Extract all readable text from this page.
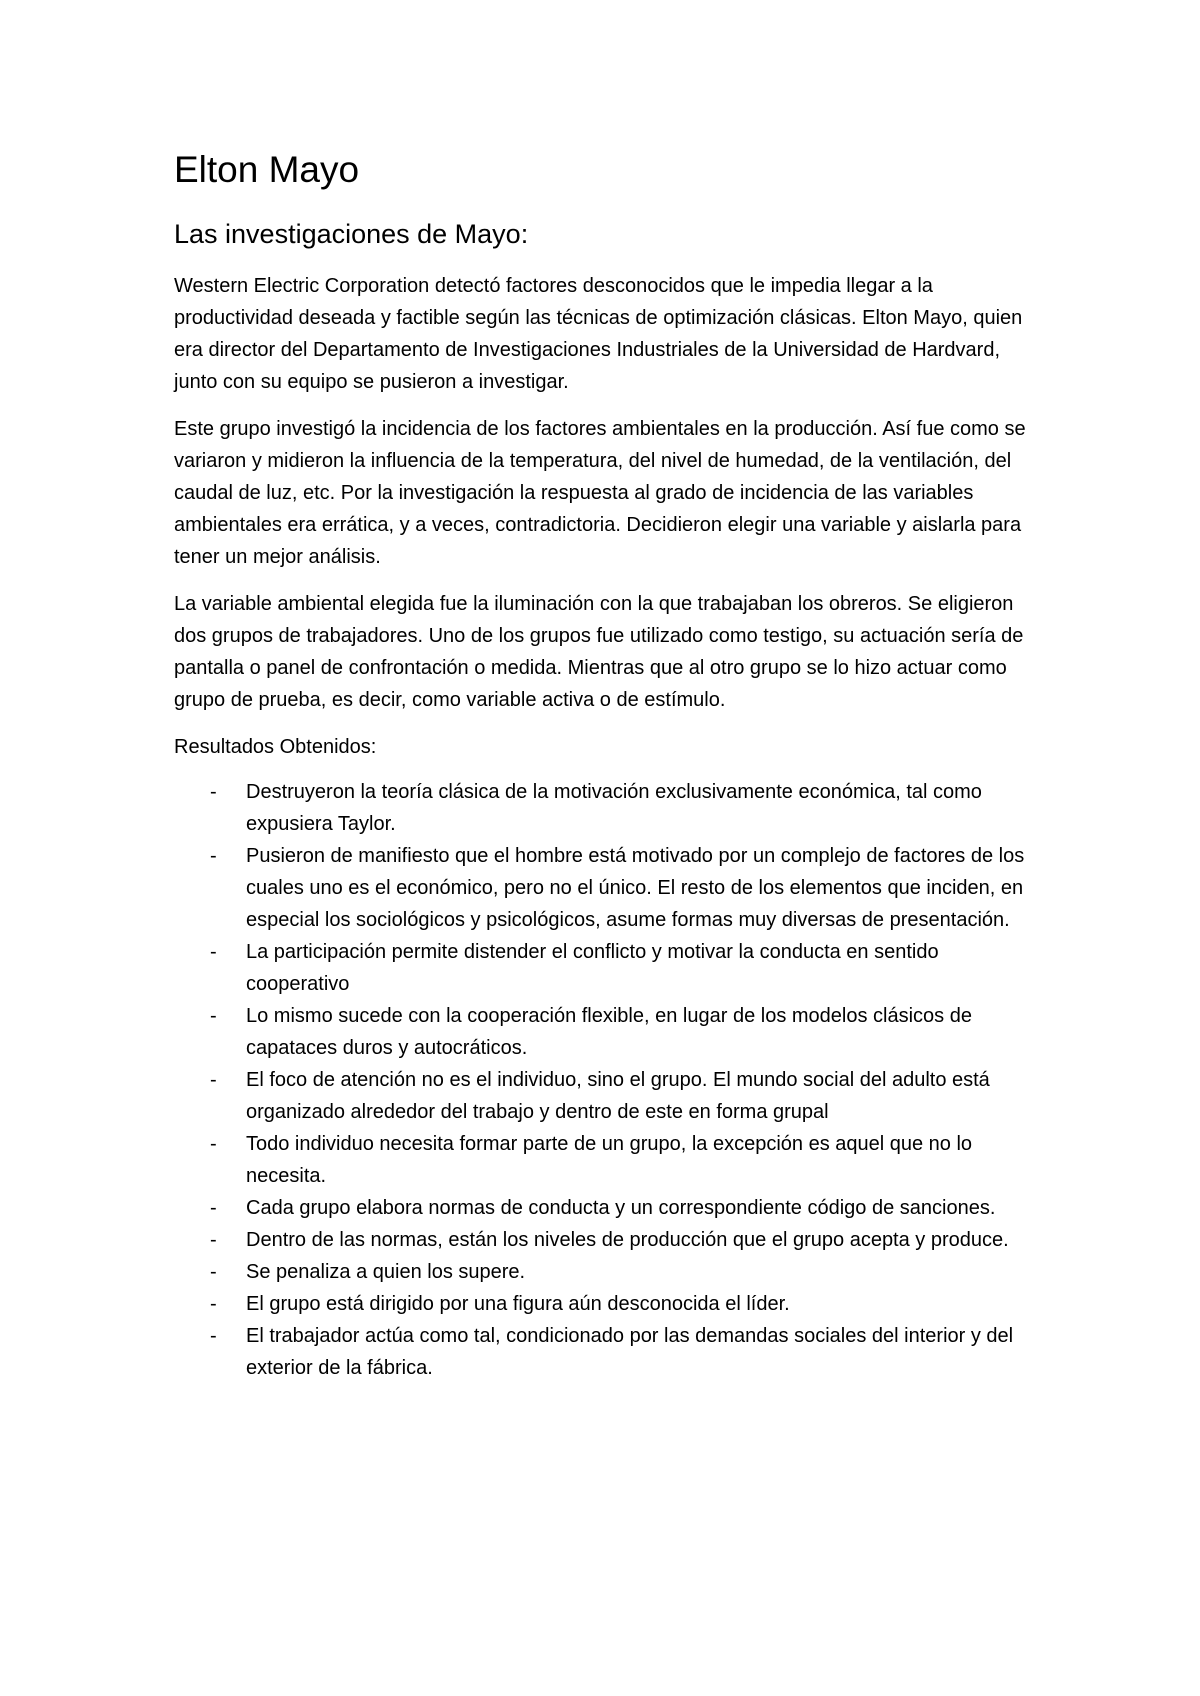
Elton Mayo
Las investigaciones de Mayo:

Western Electric Corporation detectó factores desconocidos que le impedia llegar a la productividad deseada y factible según las técnicas de optimización clásicas. Elton Mayo, quien era director del Departamento de Investigaciones Industriales de la Universidad de Hardvard, junto con su equipo se pusieron a investigar.

Este grupo investigó la incidencia de los factores ambientales en la producción. Así fue como se variaron y midieron la influencia de la temperatura, del nivel de humedad, de la ventilación, del caudal de luz, etc. Por la investigación la respuesta al grado de incidencia de las variables ambientales era errática, y a veces, contradictoria. Decidieron elegir una variable y aislarla para tener un mejor análisis.

La variable ambiental elegida fue la iluminación con la que trabajaban los obreros. Se eligieron dos grupos de trabajadores. Uno de los grupos fue utilizado como testigo, su actuación sería de pantalla o panel de confrontación o medida. Mientras que al otro grupo se lo hizo actuar como grupo de prueba, es decir, como variable activa o de estímulo.

Resultados Obtenidos:

- Destruyeron la teoría clásica de la motivación exclusivamente económica, tal como expusiera Taylor.
- Pusieron de manifiesto que el hombre está motivado por un complejo de factores de los cuales uno es el económico, pero no el único. El resto de los elementos que inciden, en especial los sociológicos y psicológicos, asume formas muy diversas de presentación.
- La participación permite distender el conflicto y motivar la conducta en sentido cooperativo
- Lo mismo sucede con la cooperación flexible, en lugar de los modelos clásicos de capataces duros y autocráticos.
- El foco de atención no es el individuo, sino el grupo. El mundo social del adulto está organizado alrededor del trabajo y dentro de este en forma grupal
- Todo individuo necesita formar parte de un grupo, la excepción es aquel que no lo necesita.
- Cada grupo elabora normas de conducta y un correspondiente código de sanciones.
- Dentro de las normas, están los niveles de producción que el grupo acepta y produce.
- Se penaliza a quien los supere.
- El grupo está dirigido por una figura aún desconocida el líder.
- El trabajador actúa como tal, condicionado por las demandas sociales del interior y del exterior de la fábrica.
